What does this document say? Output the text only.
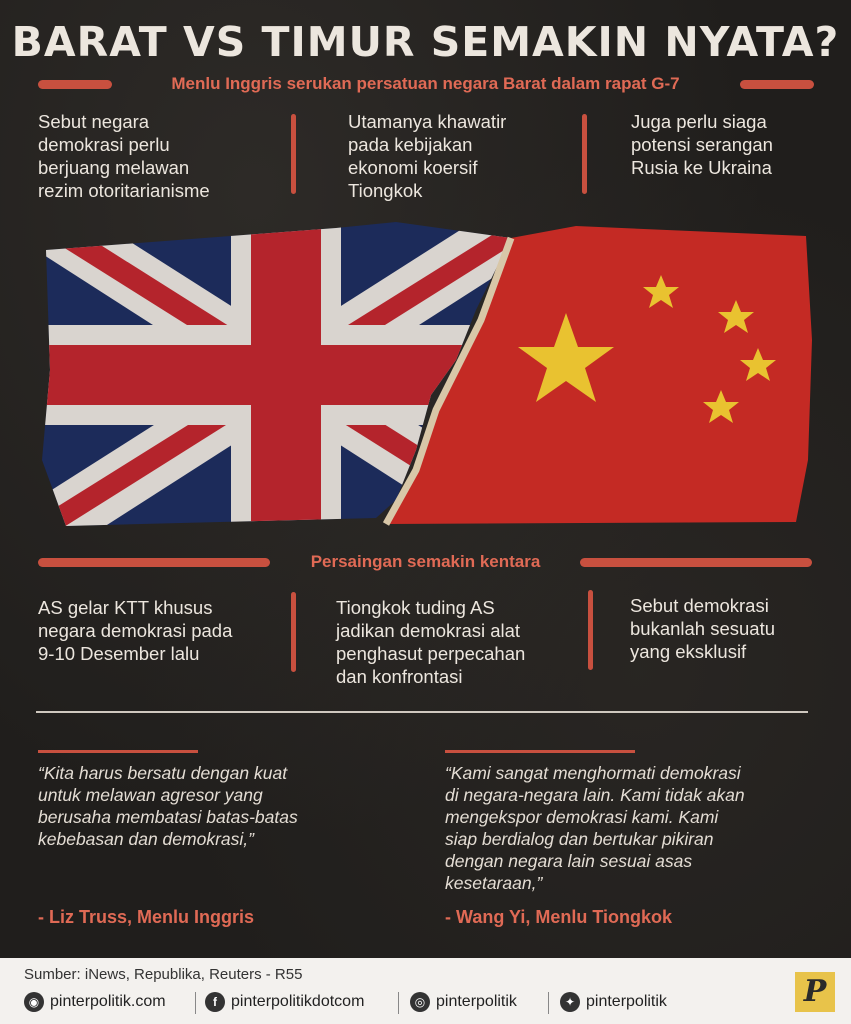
BARAT VS TIMUR SEMAKIN NYATA?
Menlu Inggris serukan persatuan negara Barat dalam rapat G-7
Sebut negara
demokrasi perlu
berjuang melawan
rezim otoritarianisme
Utamanya khawatir
pada kebijakan
ekonomi koersif
Tiongkok
Juga perlu siaga
potensi serangan
Rusia ke Ukraina
Persaingan semakin kentara
AS gelar KTT khusus
negara demokrasi pada
9-10 Desember lalu
Tiongkok tuding AS
jadikan demokrasi alat
penghasut perpecahan
dan konfrontasi
Sebut demokrasi
bukanlah sesuatu
yang eksklusif
“Kita harus bersatu dengan kuat
untuk melawan agresor yang
berusaha membatasi batas-batas
kebebasan dan demokrasi,”
- Liz Truss, Menlu Inggris
“Kami sangat menghormati demokrasi
di negara-negara lain. Kami tidak akan
mengekspor demokrasi kami. Kami
siap berdialog dan bertukar pikiran
dengan negara lain sesuai asas
kesetaraan,”
- Wang Yi, Menlu Tiongkok
Sumber: iNews, Republika, Reuters - R55
◉ pinterpolitik.com	f pinterpolitikdotcom	◎ pinterpolitik	✦ pinterpolitik	P
